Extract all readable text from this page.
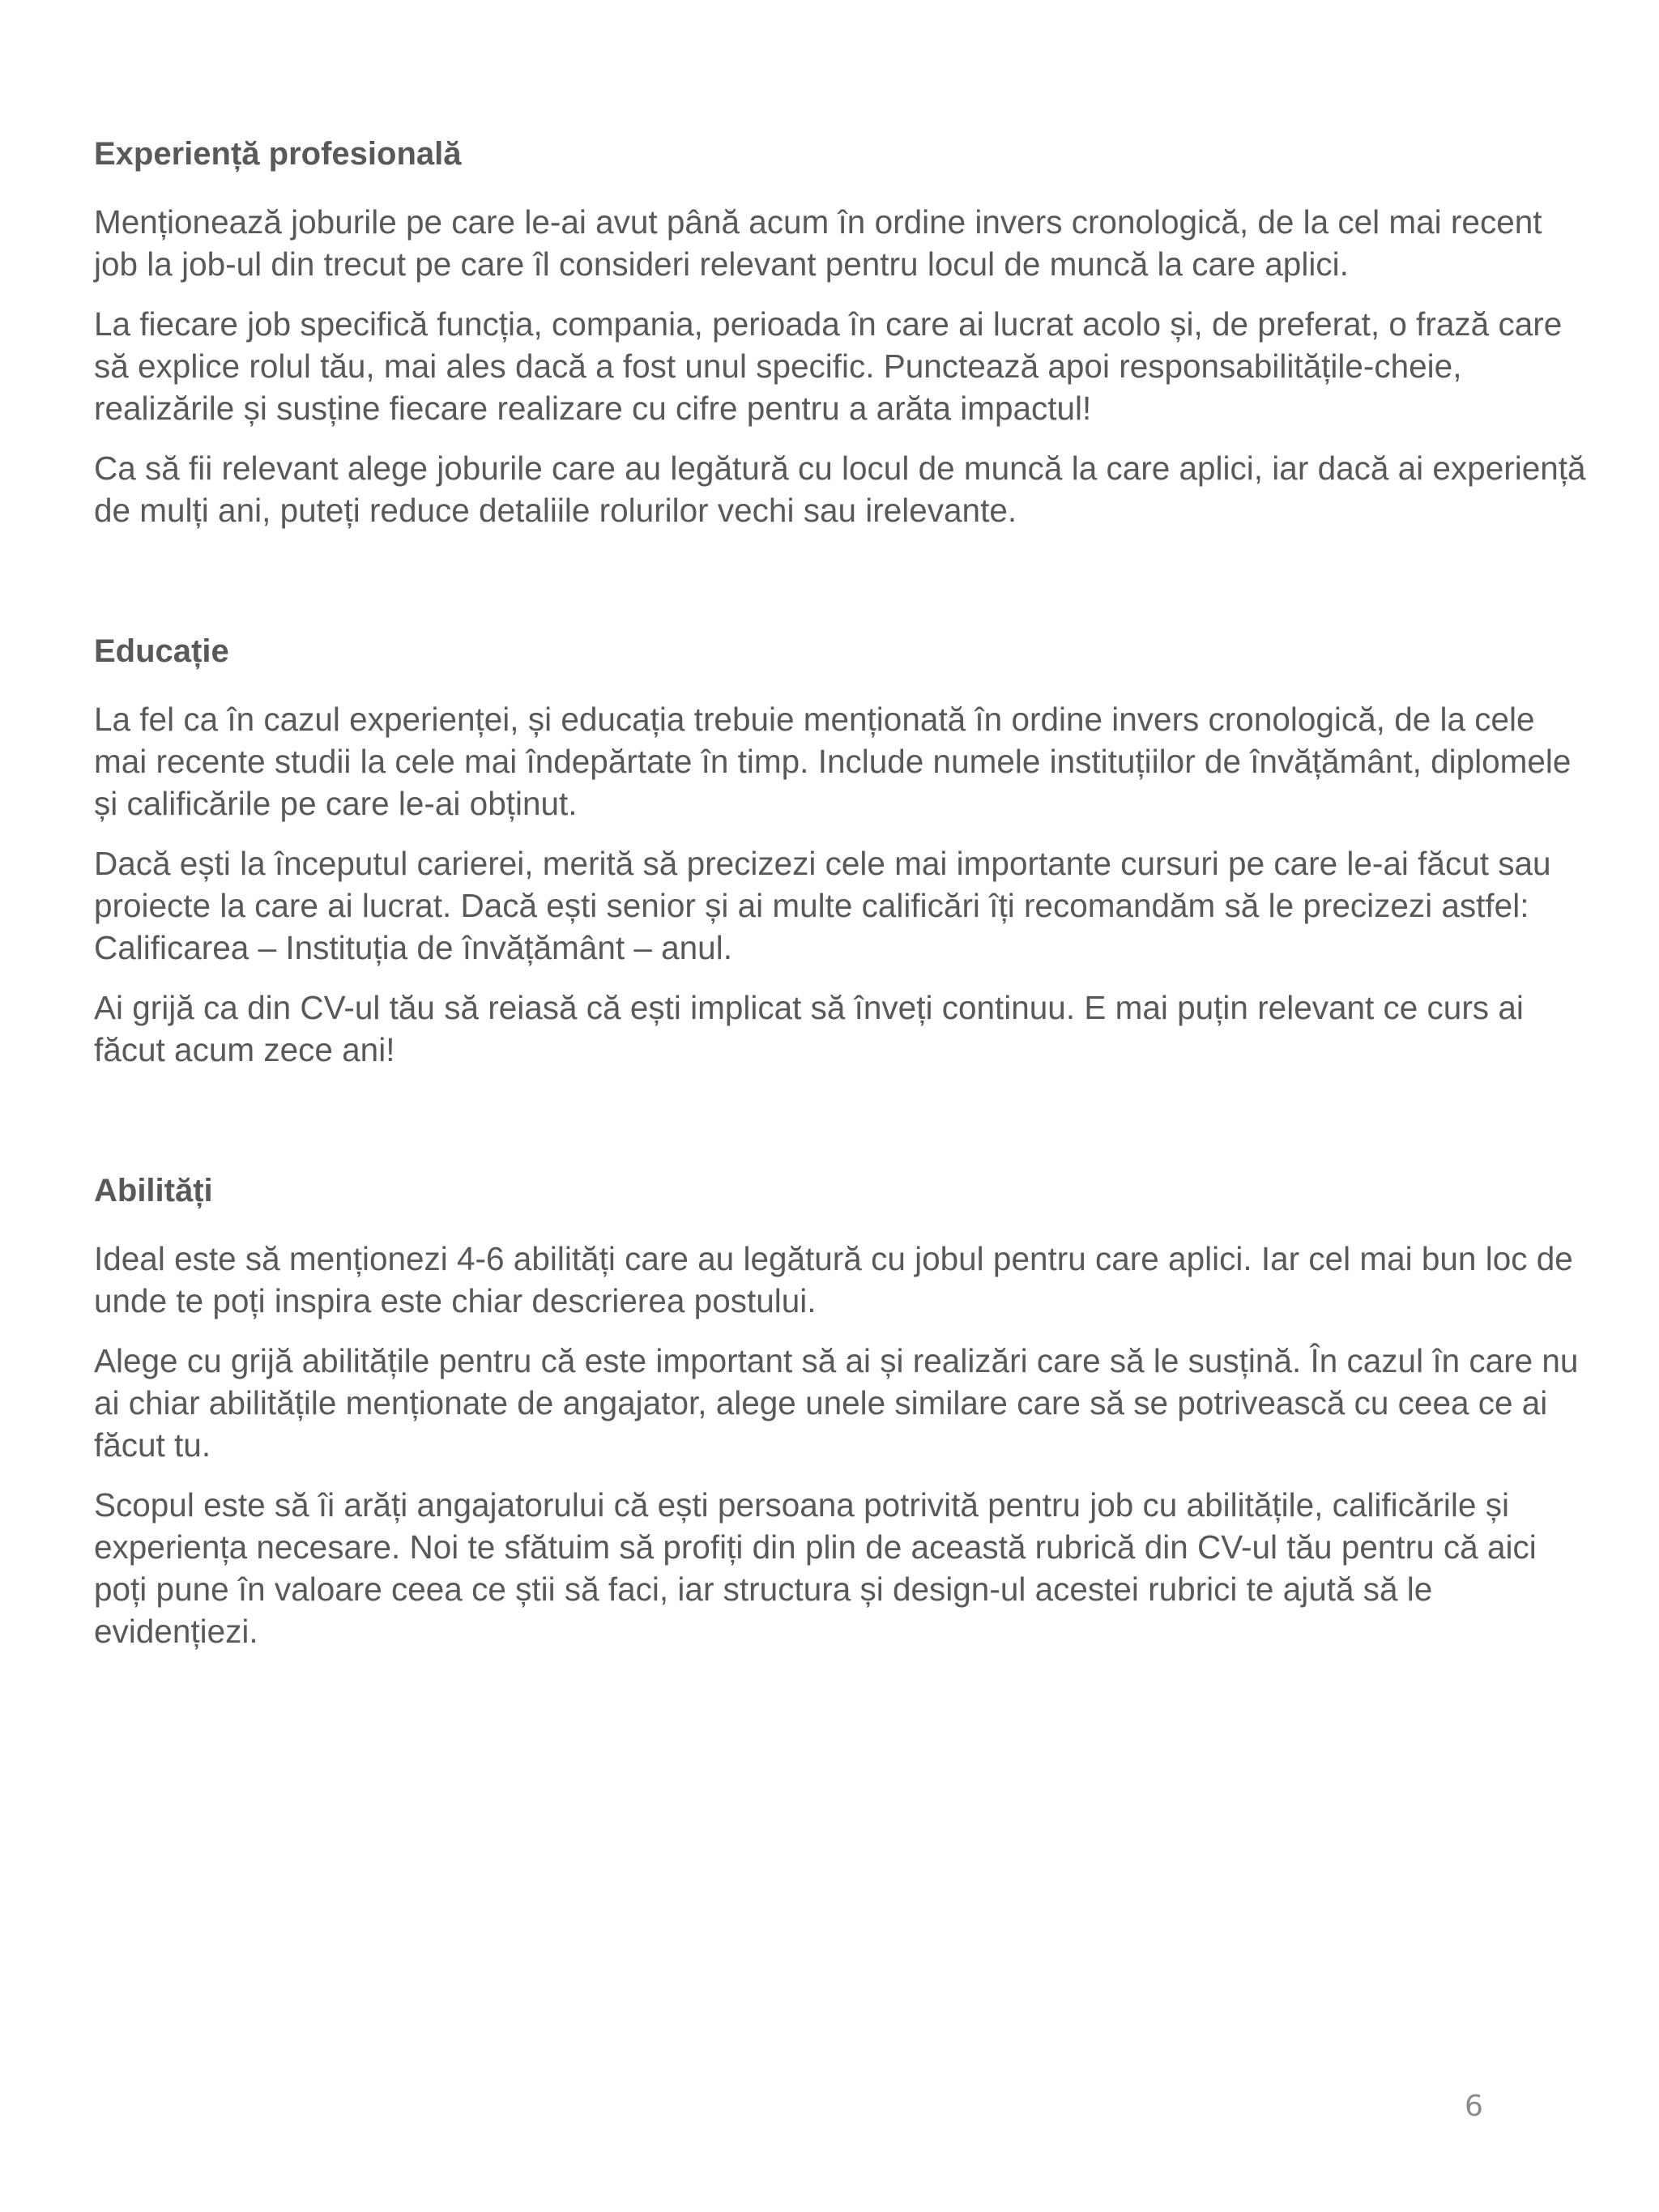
Experiență profesională

Menționează joburile pe care le-ai avut până acum în ordine invers cronologică, de la cel mai recent job la job-ul din trecut pe care îl consideri relevant pentru locul de muncă la care aplici.

La fiecare job specifică funcția, compania, perioada în care ai lucrat acolo și, de preferat, o frază care să explice rolul tău, mai ales dacă a fost unul specific. Punctează apoi responsabilitățile-cheie, realizările și susține fiecare realizare cu cifre pentru a arăta impactul!

Ca să fii relevant alege joburile care au legătură cu locul de muncă la care aplici, iar dacă ai experiență de mulți ani, puteți reduce detaliile rolurilor vechi sau irelevante.

Educație

La fel ca în cazul experienței, și educația trebuie menționată în ordine invers cronologică, de la cele mai recente studii la cele mai îndepărtate în timp. Include numele instituțiilor de învățământ, diplomele și calificările pe care le-ai obținut.

Dacă ești la începutul carierei, merită să precizezi cele mai importante cursuri pe care le-ai făcut sau proiecte la care ai lucrat. Dacă ești senior și ai multe calificări îți recomandăm să le precizezi astfel: Calificarea – Instituția de învățământ – anul.

Ai grijă ca din CV-ul tău să reiasă că ești implicat să înveți continuu. E mai puțin relevant ce curs ai făcut acum zece ani!

Abilități

Ideal este să menționezi 4-6 abilități care au legătură cu jobul pentru care aplici. Iar cel mai bun loc de unde te poți inspira este chiar descrierea postului.

Alege cu grijă abilitățile pentru că este important să ai și realizări care să le susțină. În cazul în care nu ai chiar abilitățile menționate de angajator, alege unele similare care să se potrivească cu ceea ce ai făcut tu.

Scopul este să îi arăți angajatorului că ești persoana potrivită pentru job cu abilitățile, calificările și experiența necesare. Noi te sfătuim să profiți din plin de această rubrică din CV-ul tău pentru că aici poți pune în valoare ceea ce știi să faci, iar structura și design-ul acestei rubrici te ajută să le evidențiezi.

6
